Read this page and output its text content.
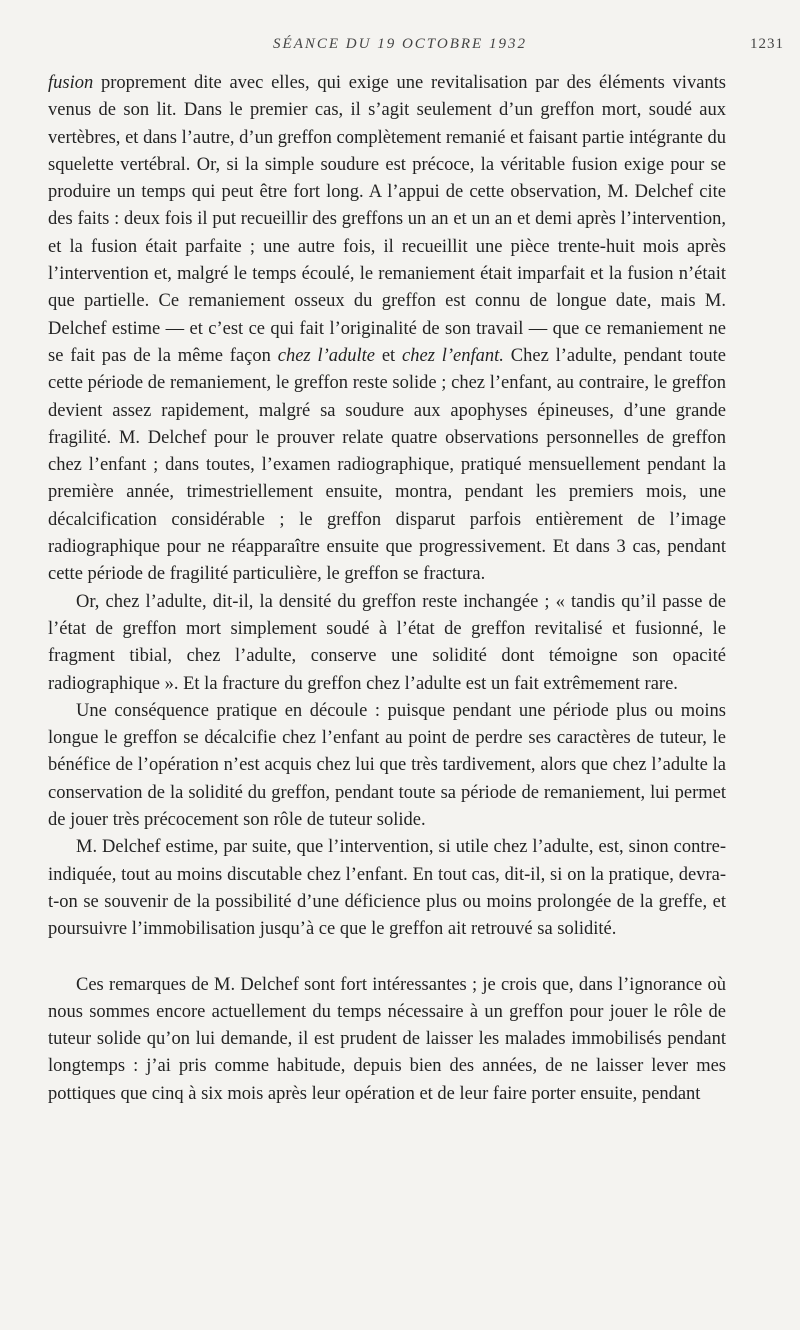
SÉANCE DU 19 OCTOBRE 1932	1231

fusion proprement dite avec elles, qui exige une revitalisation par des éléments vivants venus de son lit. Dans le premier cas, il s’agit seulement d’un greffon mort, soudé aux vertèbres, et dans l’autre, d’un greffon complètement remanié et faisant partie intégrante du squelette vertébral. Or, si la simple soudure est précoce, la véritable fusion exige pour se produire un temps qui peut être fort long. A l’appui de cette observation, M. Delchef cite des faits : deux fois il put recueillir des greffons un an et un an et demi après l’intervention, et la fusion était parfaite ; une autre fois, il recueillit une pièce trente-huit mois après l’intervention et, malgré le temps écoulé, le remaniement était imparfait et la fusion n’était que partielle. Ce remaniement osseux du greffon est connu de longue date, mais M. Delchef estime — et c’est ce qui fait l’originalité de son travail — que ce remaniement ne se fait pas de la même façon chez l’adulte et chez l’enfant. Chez l’adulte, pendant toute cette période de remaniement, le greffon reste solide ; chez l’enfant, au contraire, le greffon devient assez rapidement, malgré sa soudure aux apophyses épineuses, d’une grande fragilité. M. Delchef pour le prouver relate quatre observations personnelles de greffon chez l’enfant ; dans toutes, l’examen radiographique, pratiqué mensuellement pendant la première année, trimestriellement ensuite, montra, pendant les premiers mois, une décalcification considérable ; le greffon disparut parfois entièrement de l’image radiographique pour ne réapparaître ensuite que progressivement. Et dans 3 cas, pendant cette période de fragilité particulière, le greffon se fractura.

Or, chez l’adulte, dit-il, la densité du greffon reste inchangée ; « tandis qu’il passe de l’état de greffon mort simplement soudé à l’état de greffon revitalisé et fusionné, le fragment tibial, chez l’adulte, conserve une solidité dont témoigne son opacité radiographique ». Et la fracture du greffon chez l’adulte est un fait extrêmement rare.

Une conséquence pratique en découle : puisque pendant une période plus ou moins longue le greffon se décalcifie chez l’enfant au point de perdre ses caractères de tuteur, le bénéfice de l’opération n’est acquis chez lui que très tardivement, alors que chez l’adulte la conservation de la solidité du greffon, pendant toute sa période de remaniement, lui permet de jouer très précocement son rôle de tuteur solide.

M. Delchef estime, par suite, que l’intervention, si utile chez l’adulte, est, sinon contre-indiquée, tout au moins discutable chez l’enfant. En tout cas, dit-il, si on la pratique, devra-t-on se souvenir de la possibilité d’une déficience plus ou moins prolongée de la greffe, et poursuivre l’immobilisation jusqu’à ce que le greffon ait retrouvé sa solidité.

Ces remarques de M. Delchef sont fort intéressantes ; je crois que, dans l’ignorance où nous sommes encore actuellement du temps nécessaire à un greffon pour jouer le rôle de tuteur solide qu’on lui demande, il est prudent de laisser les malades immobilisés pendant longtemps : j’ai pris comme habitude, depuis bien des années, de ne laisser lever mes pottiques que cinq à six mois après leur opération et de leur faire porter ensuite, pendant
